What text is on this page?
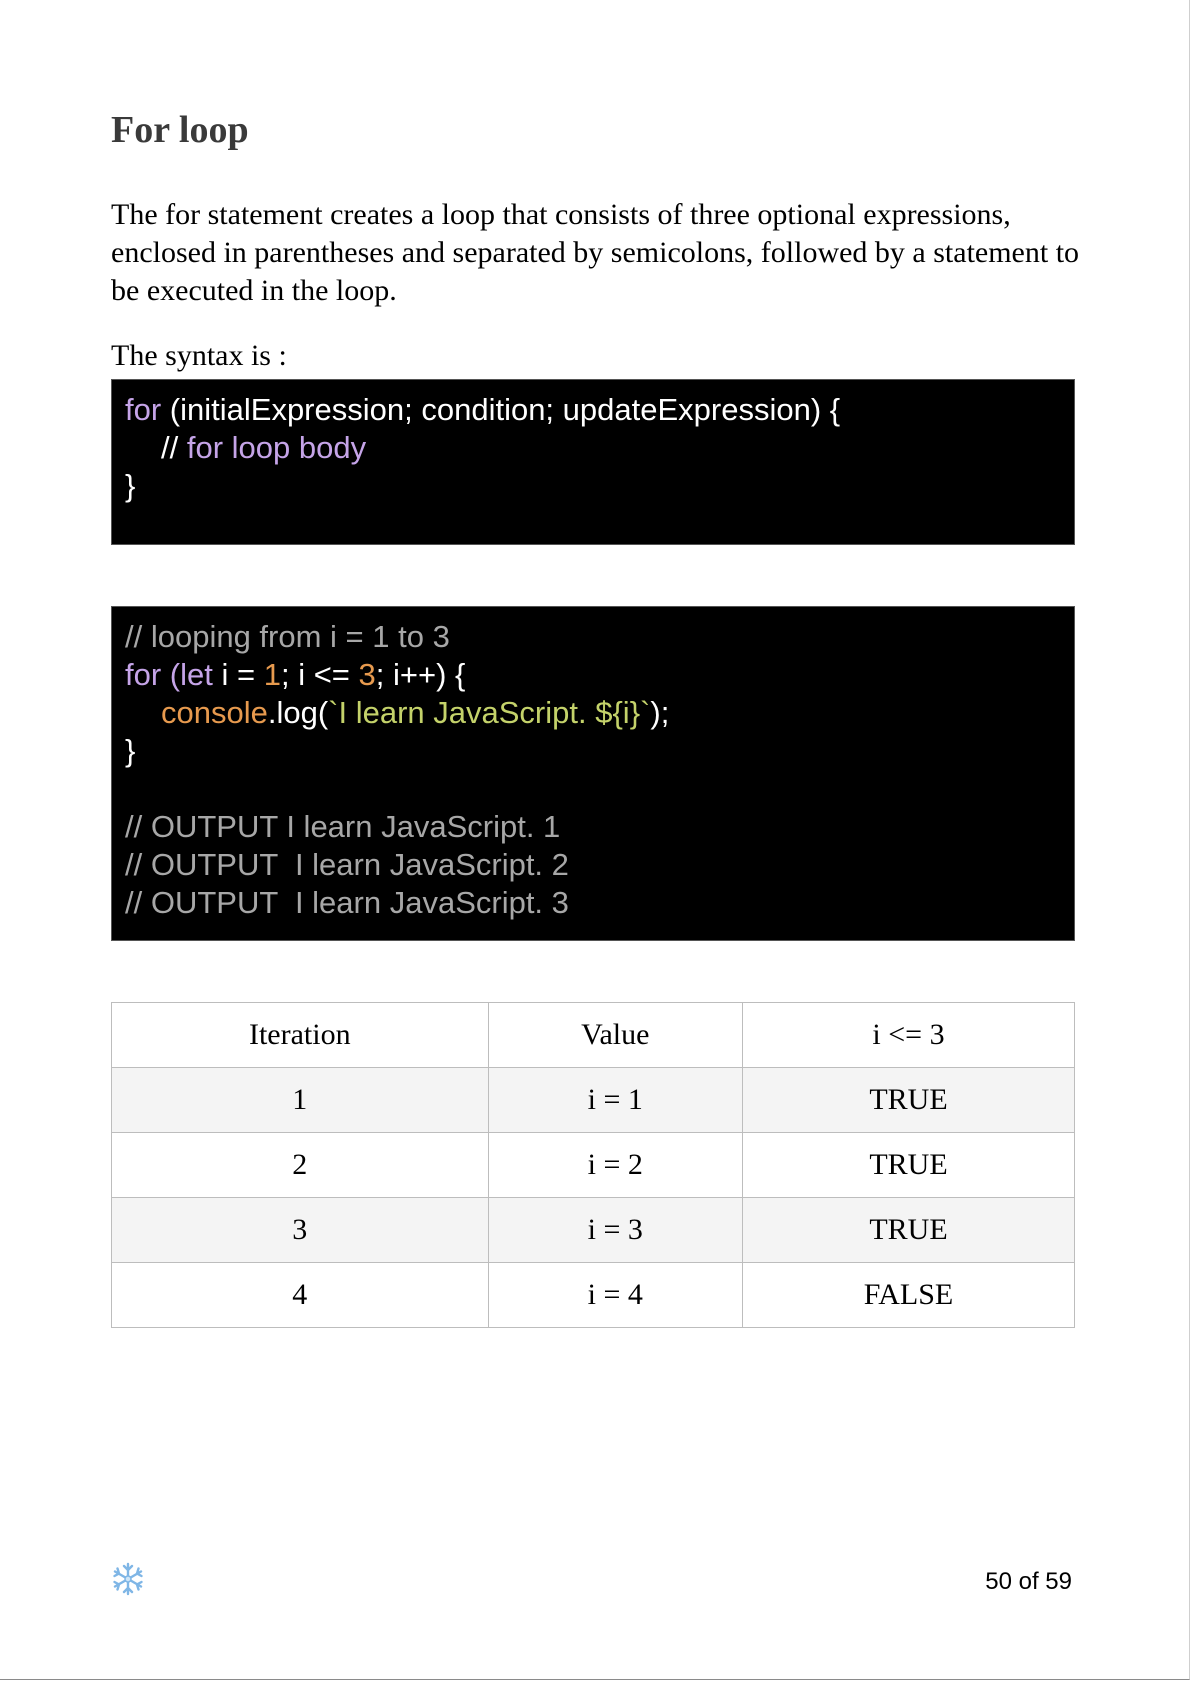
For loop

The for statement creates a loop that consists of three optional expressions, enclosed in parentheses and separated by semicolons, followed by a statement to be executed in the loop.

The syntax is :

for (initialExpression; condition; updateExpression) {
// for loop body
}
// looping from i = 1 to 3
for (let i = 1; i <= 3; i++) {
console.log(`I learn JavaScript. ${i}`);
}
// OUTPUT I learn JavaScript. 1
// OUTPUT  I learn JavaScript. 2
// OUTPUT  I learn JavaScript. 3
Iteration	Value	i <= 3
1	i = 1	TRUE
2	i = 2	TRUE
3	i = 3	TRUE
4	i = 4	FALSE
50 of 59
